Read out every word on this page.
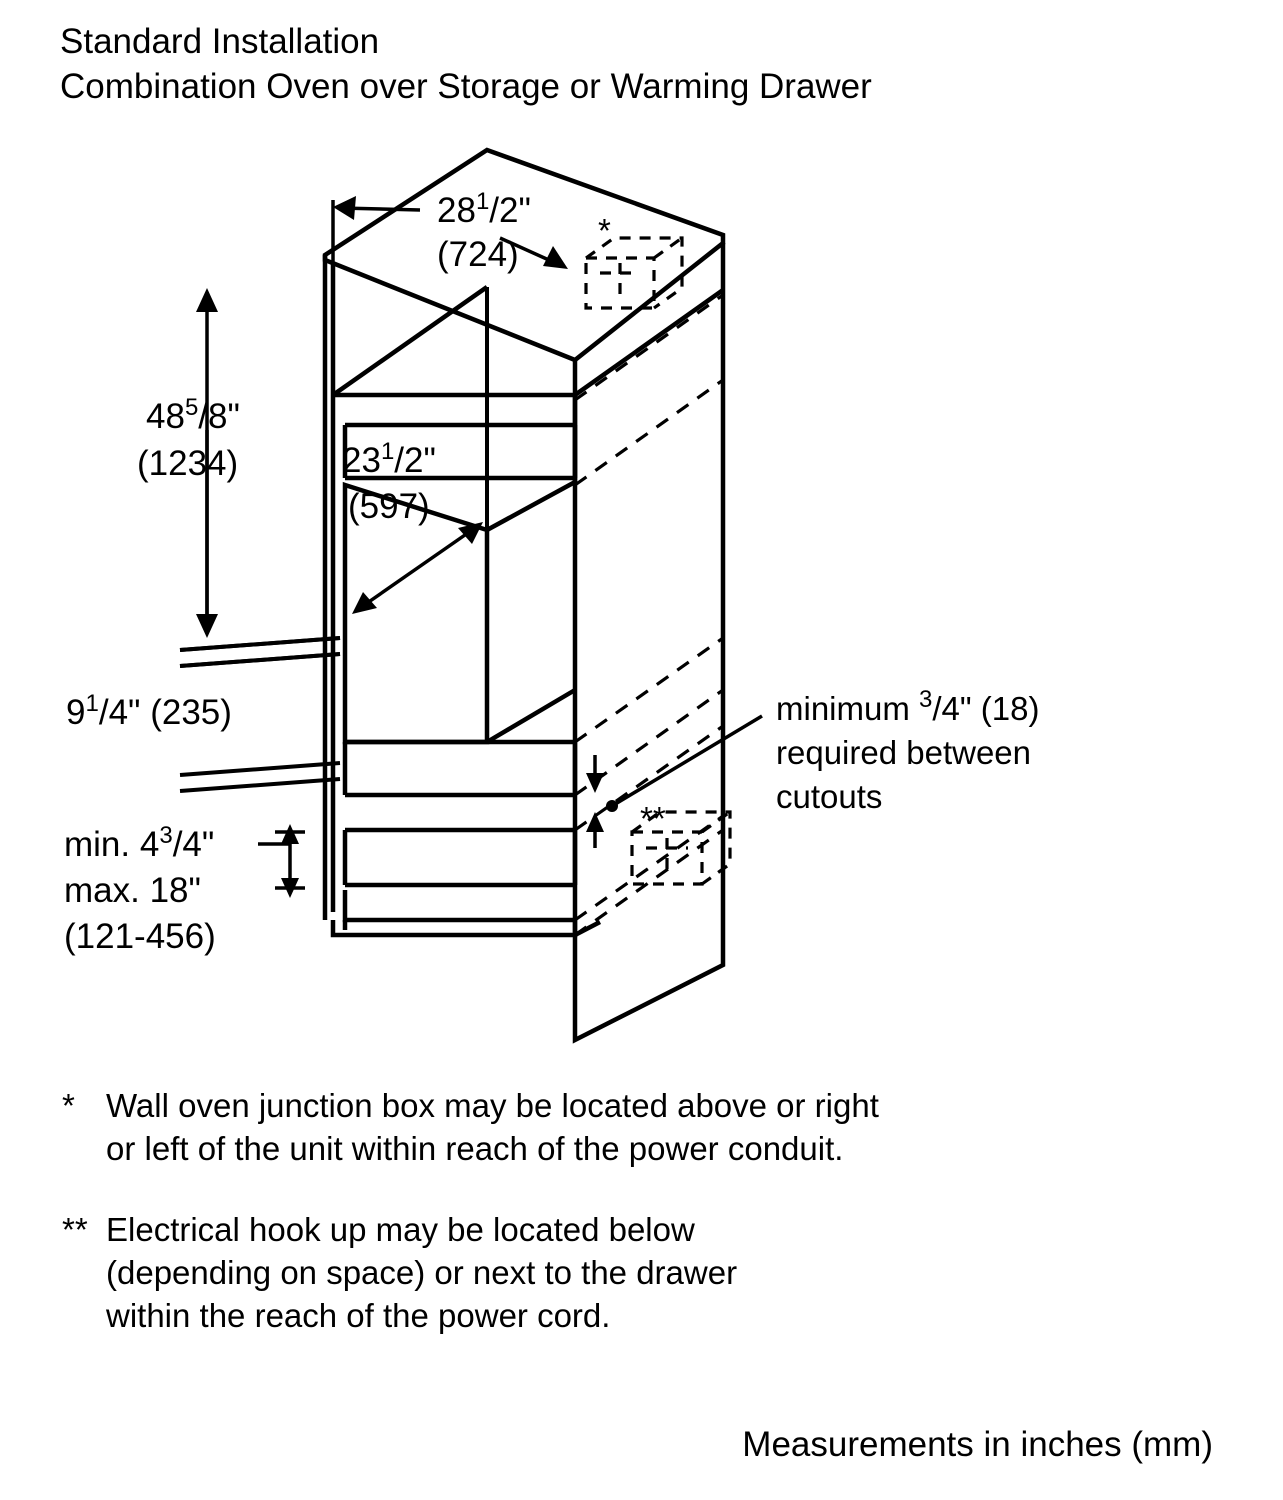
Standard Installation
Combination Oven over Storage or Warming Drawer
*
**
$28^1/2$"
(724)
$48^5/8$"
(1234)	$23^1/2$"
(597)
$9^1/4$" (235)
min. $4^3/4$"
max. 18"
(121-456)
minimum $^3$/4" (18)
required between
cutouts
* Wall oven junction box may be located above or right
or left of the unit within reach of the power conduit.
** Electrical hook up may be located below
(depending on space) or next to the drawer
within the reach of the power cord.
Measurements in inches (mm)
